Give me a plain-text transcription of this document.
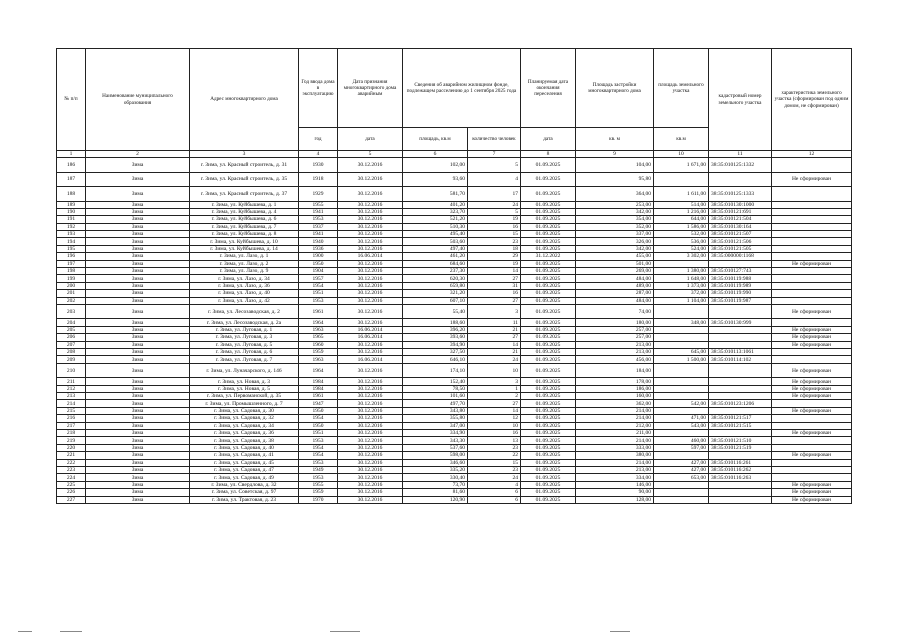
№ п/п	Наименование муниципального образования	Адрес многоквартирного дома	Год ввода дома в эксплуатацию	Дата признания многоквартирного дома аварийным	Сведения об аварийном жилищном фонде, подлежащем расселению до 1 сентября 2025 года		Планируемая дата окончания переселения	Площадь застройки многоквартирного дома	площадь земельного участка	кадастровый номер земельного участка	характеристика земельного участка (сформирован под одним домом, не сформирован)
			год	дата	площадь, кв.м	количество человек	дата	кв. м	кв.м		
1	2	3	4	5	6	7	8	9	10	11	12
186	Зима	г. Зима, ул. Красный строитель, д. 31	1930	30.12.2016	102,00	5	01.09.2025	104,00	1 671,00	38:35:010125:1332	
187	Зима	г. Зима, ул. Красный строитель, д. 35	1918	30.12.2016	93,60	4	01.09.2025	95,80			Не сформирован
188	Зима	г. Зима, ул. Красный строитель, д. 37	1929	30.12.2016	581,70	17	01.09.2025	364,00	1 611,00	38:35:010125:1333	
189	Зима	г. Зима, ул. Куйбышева, д. 1	1955	30.12.2016	401,20	24	01.09.2025	253,00	514,00	38:35:010130:1000	
190	Зима	г. Зима, ул. Куйбышева, д. 4	1941	30.12.2016	323,70	5	01.09.2025	342,00	1 216,00	38:35:010121:691	
191	Зима	г. Зима, ул. Куйбышева, д. 6	1953	30.12.2016	521,20	19	01.09.2025	354,00	644,00	38:35:010121:504	
192	Зима	г. Зима, ул. Куйбышева, д. 7	1937	30.12.2016	510,30	16	01.09.2025	352,00	1 586,00	38:35:010130:164	
193	Зима	г. Зима, ул. Куйбышева, д. 8	1941	30.12.2016	495,40	15	01.09.2025	337,00	532,00	38:35:010121:507	
194	Зима	г. Зима, ул. Куйбышева, д. 10	1940	30.12.2016	503,60	23	01.09.2025	326,00	536,00	38:35:010121:506	
195	Зима	г. Зима, ул. Куйбышева, д. 14	1936	30.12.2016	497,40	18	01.09.2025	342,00	524,00	38:35:010121:505	
196	Зима	г. Зима, ул. Лазо, д. 1	1900	16.06.2014	461,20	29	31.12.2022	455,00	3 302,00	38:35:000000:1168	
197	Зима	г. Зима, ул. Лазо, д. 2	1950	30.12.2016	684,60	19	01.09.2025	501,00			Не сформирован
198	Зима	г. Зима, ул. Лазо, д. 9	1904	30.12.2016	237,30	14	01.09.2025	269,00	1 380,00	38:35:010127:743	
199	Зима	г. Зима, ул. Лазо, д. 34	1957	30.12.2016	620,30	27	01.09.2025	484,00	1 648,00	38:35:010119:988	
200	Зима	г. Зима, ул. Лазо, д. 36	1954	30.12.2016	659,80	31	01.09.2025	489,00	1 373,00	38:35:010119:989	
201	Зима	г. Зима, ул. Лазо, д. 40	1951	30.12.2016	321,20	16	01.09.2025	287,00	372,00	38:35:010119:990	
202	Зима	г. Зима, ул. Лазо, д. 42	1953	30.12.2016	607,10	27	01.09.2025	484,00	1 104,00	38:35:010119:987	
203	Зима	г. Зима, ул. Лесозаводская, д. 2	1961	30.12.2016	55,40	3	01.09.2025	74,00			Не сформирован
204	Зима	г. Зима, ул. Лесозаводская, д. 2а	1964	30.12.2016	188,60	11	01.09.2025	180,00	348,00	38:35:010130:999	
205	Зима	г. Зима, ул. Луговая, д. 1	1963	16.06.2014	396,20	21	01.09.2025	257,00			Не сформирован
206	Зима	г. Зима, ул. Луговая, д. 3	1965	16.06.2014	393,60	27	01.09.2025	257,00			Не сформирован
207	Зима	г. Зима, ул. Луговая, д. 5	1960	30.12.2016	394,90	14	01.09.2025	213,00			Не сформирован
208	Зима	г. Зима, ул. Луговая, д. 6	1959	30.12.2016	327,50	21	01.09.2025	213,00	645,00	38:35:010113:1061	
209	Зима	г. Зима, ул. Луговая, д. 7	1963	16.06.2014	646,10	24	01.09.2025	456,00	1 500,00	38:35:010114:102	
210	Зима	г. Зима, ул. Луначарского, д. 146	1964	30.12.2016	174,10	10	01.09.2025	184,00			Не сформирован
211	Зима	г. Зима, ул. Новая, д. 3	1984	30.12.2016	152,40	3	01.09.2025	178,00			Не сформирован
212	Зима	г. Зима, ул. Новая, д. 5	1984	30.12.2016	78,50	1	01.09.2025	186,00			Не сформирован
213	Зима	г. Зима, ул. Первоманской, д. 35	1961	30.12.2016	101,60	2	01.09.2025	160,00			Не сформирован
214	Зима	г. Зима, ул. Промышленного, д. 7	1947	30.12.2016	497,70	27	01.09.2025	362,00	542,00	38:35:010123:1206	
215	Зима	г. Зима, ул. Садовая, д. 30	1950	30.12.2016	343,80	14	01.09.2025	214,00			Не сформирован
216	Зима	г. Зима, ул. Садовая, д. 32	1954	30.12.2016	355,80	12	01.09.2025	214,00	471,00	38:35:010121:517	
217	Зима	г. Зима, ул. Садовая, д. 34	1950	30.12.2016	347,00	10	01.09.2025	212,00	543,00	38:35:010121:515	
218	Зима	г. Зима, ул. Садовая, д. 36	1951	30.12.2016	334,90	16	01.09.2025	211,00			Не сформирован
219	Зима	г. Зима, ул. Садовая, д. 38	1953	30.12.2016	343,30	13	01.09.2025	214,00	460,00	38:35:010121:510	
220	Зима	г. Зима, ул. Садовая, д. 40	1954	30.12.2016	537,60	23	01.09.2025	333,00	597,00	38:35:010121:519	
221	Зима	г. Зима, ул. Садовая, д. 41	1954	30.12.2016	598,00	22	01.09.2025	380,00			Не сформирован
222	Зима	г. Зима, ул. Садовая, д. 45	1953	30.12.2016	346,60	15	01.09.2025	214,00	427,00	38:35:010116:261	
223	Зима	г. Зима, ул. Садовая, д. 47	1949	30.12.2016	335,20	23	01.09.2025	213,00	427,00	38:35:010116:262	
224	Зима	г. Зима, ул. Садовая, д. 49	1953	30.12.2016	330,40	24	01.09.2025	334,00	653,00	38:35:010116:263	
225	Зима	г. Зима, ул. Свердлова, д. 32	1955	30.12.2016	73,70	4	01.09.2025	146,00			Не сформирован
226	Зима	г. Зима, ул. Советская, д. 97	1959	30.12.2016	81,60	6	01.09.2025	90,00			Не сформирован
227	Зима	г. Зима, ул. Трактовая, д. 23	1970	30.12.2016	120,90	6	01.09.2025	128,00			Не сформирован
